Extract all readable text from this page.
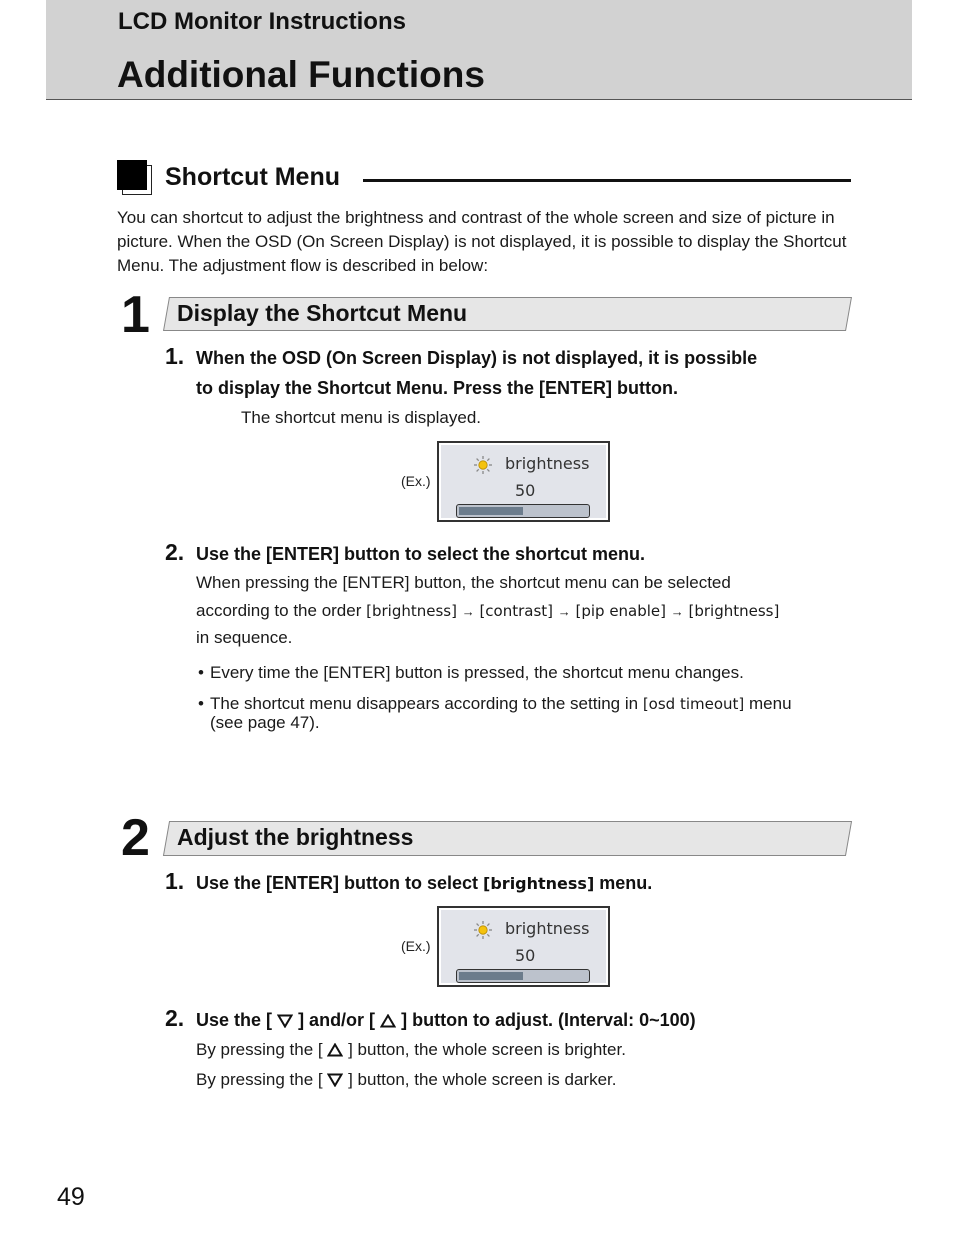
LCD Monitor Instructions
Additional Functions
Shortcut Menu
You can shortcut to adjust the brightness and contrast of the whole screen and size of picture in picture. When the OSD (On Screen Display) is not displayed, it is possible to display the Shortcut Menu. The adjustment flow is described in below:
1 Display the Shortcut Menu
1. When the OSD (On Screen Display) is not displayed, it is possible
to display the Shortcut Menu. Press the [ENTER] button.
The shortcut menu is displayed.
(Ex.)
brightness
50
2. Use the [ENTER] button to select the shortcut menu.
When pressing the [ENTER] button, the shortcut menu can be selected
according to the order [brightness] → [contrast] → [pip enable] → [brightness]
in sequence.
• Every time the [ENTER] button is pressed, the shortcut menu changes.
• The shortcut menu disappears according to the setting in [osd timeout] menu
(see page 47).
2 Adjust the brightness
1. Use the [ENTER] button to select [brightness] menu.
(Ex.)
brightness
50
2. Use the [ ] and/or [ ] button to adjust. (Interval: 0~100)
By pressing the [ ] button, the whole screen is brighter.
By pressing the [ ] button, the whole screen is darker.
49
